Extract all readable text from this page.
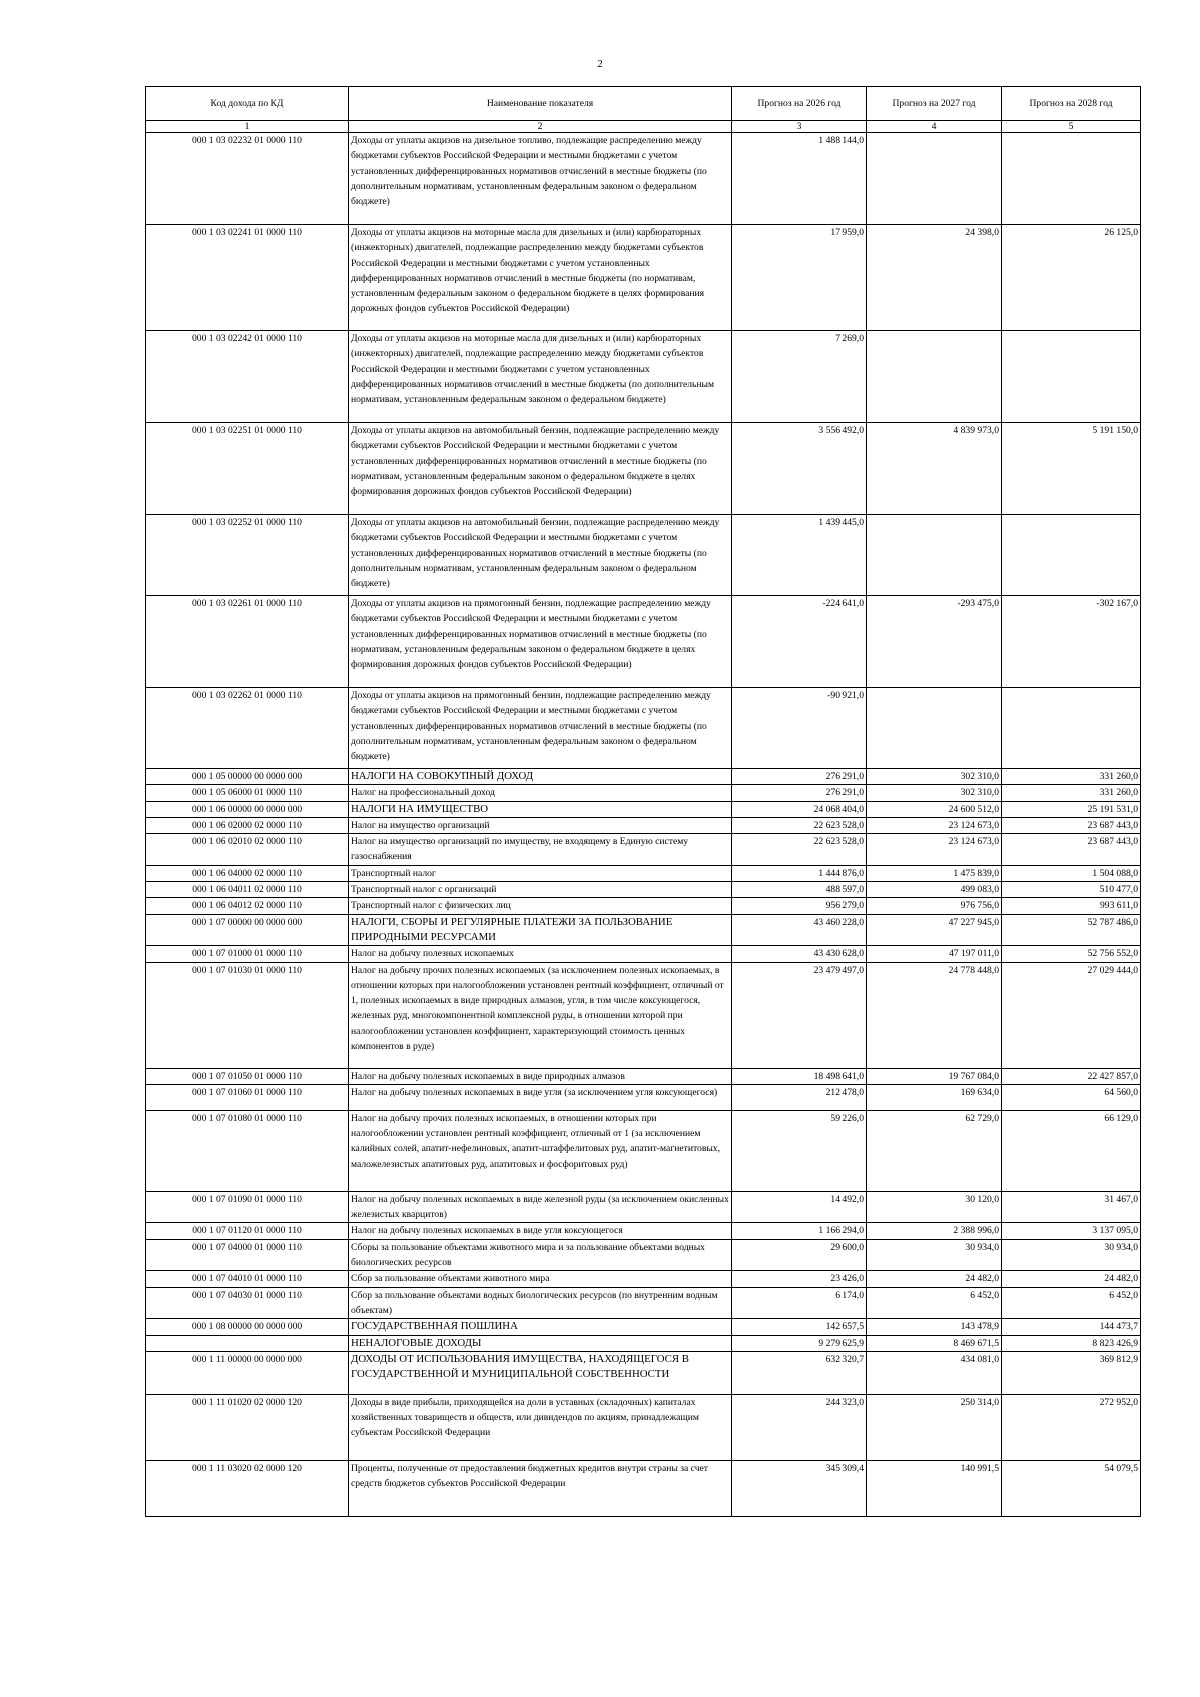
2
Код дохода по КД	Наименование показателя	Прогноз на 2026 год	Прогноз на 2027 год	Прогноз на 2028 год
1	2	3	4	5
000 1 03 02232 01 0000 110	Доходы от уплаты акцизов на дизельное топливо, подлежащие распределению между бюджетами субъектов Российской Федерации и местными бюджетами с учетом установленных дифференцированных нормативов отчислений в местные бюджеты (по дополнительным нормативам, установленным федеральным законом о федеральном бюджете)	1 488 144,0		
000 1 03 02241 01 0000 110	Доходы от уплаты акцизов на моторные масла для дизельных и (или) карбюраторных (инжекторных) двигателей, подлежащие распределению между бюджетами субъектов Российской Федерации и местными бюджетами с учетом установленных дифференцированных нормативов отчислений в местные бюджеты (по нормативам, установленным федеральным законом о федеральном бюджете в целях формирования дорожных фондов субъектов Российской Федерации)	17 959,0	24 398,0	26 125,0
000 1 03 02242 01 0000 110	Доходы от уплаты акцизов на моторные масла для дизельных и (или) карбюраторных (инжекторных) двигателей, подлежащие распределению между бюджетами субъектов Российской Федерации и местными бюджетами с учетом установленных дифференцированных нормативов отчислений в местные бюджеты (по дополнительным нормативам, установленным федеральным законом о федеральном бюджете)	7 269,0		
000 1 03 02251 01 0000 110	Доходы от уплаты акцизов на автомобильный бензин, подлежащие распределению между бюджетами субъектов Российской Федерации и местными бюджетами с учетом установленных дифференцированных нормативов отчислений в местные бюджеты (по нормативам, установленным федеральным законом о федеральном бюджете в целях формирования дорожных фондов субъектов Российской Федерации)	3 556 492,0	4 839 973,0	5 191 150,0
000 1 03 02252 01 0000 110	Доходы от уплаты акцизов на автомобильный бензин, подлежащие распределению между бюджетами субъектов Российской Федерации и местными бюджетами с учетом установленных дифференцированных нормативов отчислений в местные бюджеты (по дополнительным нормативам, установленным федеральным законом о федеральном бюджете)	1 439 445,0		
000 1 03 02261 01 0000 110	Доходы от уплаты акцизов на прямогонный бензин, подлежащие распределению между бюджетами субъектов Российской Федерации и местными бюджетами с учетом установленных дифференцированных нормативов отчислений в местные бюджеты (по нормативам, установленным федеральным законом о федеральном бюджете в целях формирования дорожных фондов субъектов Российской Федерации)	-224 641,0	-293 475,0	-302 167,0
000 1 03 02262 01 0000 110	Доходы от уплаты акцизов на прямогонный бензин, подлежащие распределению между бюджетами субъектов Российской Федерации и местными бюджетами с учетом установленных дифференцированных нормативов отчислений в местные бюджеты (по дополнительным нормативам, установленным федеральным законом о федеральном бюджете)	-90 921,0		
000 1 05 00000 00 0000 000	НАЛОГИ НА СОВОКУПНЫЙ ДОХОД	276 291,0	302 310,0	331 260,0
000 1 05 06000 01 0000 110	Налог на профессиональный доход	276 291,0	302 310,0	331 260,0
000 1 06 00000 00 0000 000	НАЛОГИ НА ИМУЩЕСТВО	24 068 404,0	24 600 512,0	25 191 531,0
000 1 06 02000 02 0000 110	Налог на имущество организаций	22 623 528,0	23 124 673,0	23 687 443,0
000 1 06 02010 02 0000 110	Налог на имущество организаций по имуществу, не входящему в Единую систему газоснабжения	22 623 528,0	23 124 673,0	23 687 443,0
000 1 06 04000 02 0000 110	Транспортный налог	1 444 876,0	1 475 839,0	1 504 088,0
000 1 06 04011 02 0000 110	Транспортный налог с организаций	488 597,0	499 083,0	510 477,0
000 1 06 04012 02 0000 110	Транспортный налог с физических лиц	956 279,0	976 756,0	993 611,0
000 1 07 00000 00 0000 000	НАЛОГИ, СБОРЫ И РЕГУЛЯРНЫЕ ПЛАТЕЖИ ЗА ПОЛЬЗОВАНИЕ ПРИРОДНЫМИ РЕСУРСАМИ	43 460 228,0	47 227 945,0	52 787 486,0
000 1 07 01000 01 0000 110	Налог на добычу полезных ископаемых	43 430 628,0	47 197 011,0	52 756 552,0
000 1 07 01030 01 0000 110	Налог на добычу прочих полезных ископаемых (за исключением полезных ископаемых, в отношении которых при налогообложении установлен рентный коэффициент, отличный от 1, полезных ископаемых в виде природных алмазов, угля, в том числе коксующегося, железных руд, многокомпонентной комплексной руды, в отношении которой при налогообложении установлен коэффициент, характеризующий стоимость ценных компонентов в руде)	23 479 497,0	24 778 448,0	27 029 444,0
000 1 07 01050 01 0000 110	Налог на добычу полезных ископаемых в виде природных алмазов	18 498 641,0	19 767 084,0	22 427 857,0
000 1 07 01060 01 0000 110	Налог на добычу полезных ископаемых в виде угля (за исключением угля коксующегося)	212 478,0	169 634,0	64 560,0
000 1 07 01080 01 0000 110	Налог на добычу прочих полезных ископаемых, в отношении которых при налогообложении установлен рентный коэффициент, отличный от 1 (за исключением калийных солей, апатит-нефелиновых, апатит-штаффелитовых руд, апатит-магнетитовых, маложелезистых апатитовых руд, апатитовых и фосфоритовых руд)	59 226,0	62 729,0	66 129,0
000 1 07 01090 01 0000 110	Налог на добычу полезных ископаемых в виде железной руды (за исключением окисленных железистых кварцитов)	14 492,0	30 120,0	31 467,0
000 1 07 01120 01 0000 110	Налог на добычу полезных ископаемых в виде угля коксующегося	1 166 294,0	2 388 996,0	3 137 095,0
000 1 07 04000 01 0000 110	Сборы за пользование объектами животного мира и за пользование объектами водных биологических ресурсов	29 600,0	30 934,0	30 934,0
000 1 07 04010 01 0000 110	Сбор за пользование объектами животного мира	23 426,0	24 482,0	24 482,0
000 1 07 04030 01 0000 110	Сбор за пользование объектами водных биологических ресурсов (по внутренним водным объектам)	6 174,0	6 452,0	6 452,0
000 1 08 00000 00 0000 000	ГОСУДАРСТВЕННАЯ ПОШЛИНА	142 657,5	143 478,9	144 473,7
	НЕНАЛОГОВЫЕ ДОХОДЫ	9 279 625,9	8 469 671,5	8 823 426,9
000 1 11 00000 00 0000 000	ДОХОДЫ ОТ ИСПОЛЬЗОВАНИЯ ИМУЩЕСТВА, НАХОДЯЩЕГОСЯ В ГОСУДАРСТВЕННОЙ И МУНИЦИПАЛЬНОЙ СОБСТВЕННОСТИ	632 320,7	434 081,0	369 812,9
000 1 11 01020 02 0000 120	Доходы в виде прибыли, приходящейся на доли в уставных (складочных) капиталах хозяйственных товариществ и обществ, или дивидендов по акциям, принадлежащим субъектам Российской Федерации	244 323,0	250 314,0	272 952,0
000 1 11 03020 02 0000 120	Проценты, полученные от предоставления бюджетных кредитов внутри страны за счет средств бюджетов субъектов Российской Федерации	345 309,4	140 991,5	54 079,5
